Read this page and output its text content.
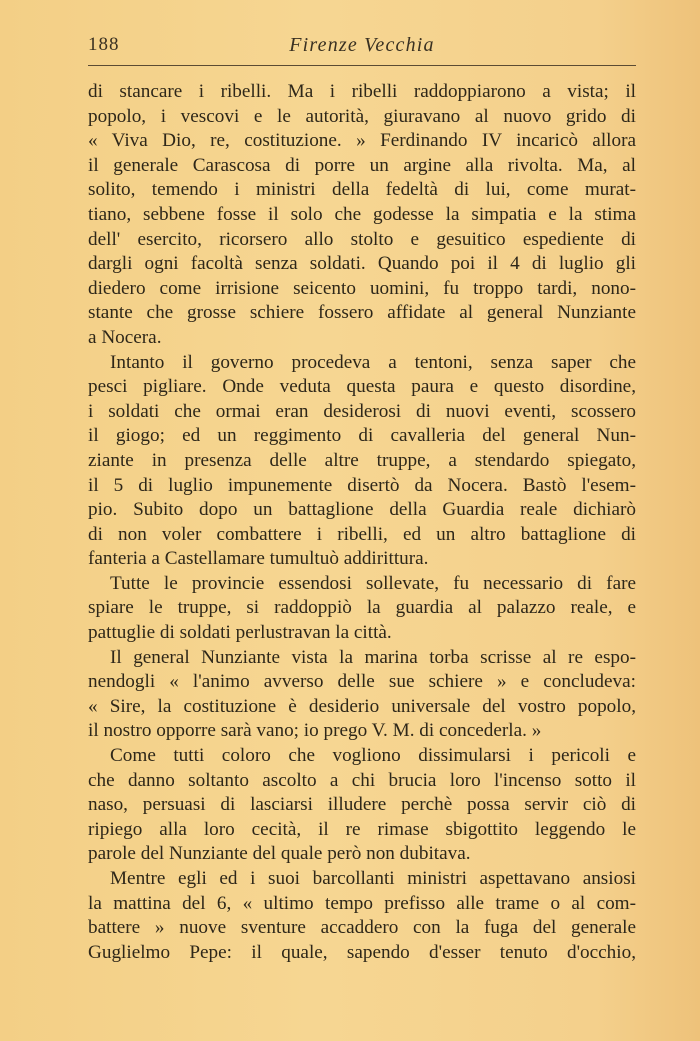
188	Firenze Vecchia
di stancare i ribelli. Ma i ribelli raddoppiarono a vista; il
popolo, i vescovi e le autorità, giuravano al nuovo grido di
« Viva Dio, re, costituzione. » Ferdinando IV incaricò allora
il generale Carascosa di porre un argine alla rivolta. Ma, al
solito, temendo i ministri della fedeltà di lui, come murat-
tiano, sebbene fosse il solo che godesse la simpatia e la stima
dell' esercito, ricorsero allo stolto e gesuitico espediente di
dargli ogni facoltà senza soldati. Quando poi il 4 di luglio gli
diedero come irrisione seicento uomini, fu troppo tardi, nono-
stante che grosse schiere fossero affidate al general Nunziante
a Nocera.
Intanto il governo procedeva a tentoni, senza saper che
pesci pigliare. Onde veduta questa paura e questo disordine,
i soldati che ormai eran desiderosi di nuovi eventi, scossero
il giogo; ed un reggimento di cavalleria del general Nun-
ziante in presenza delle altre truppe, a stendardo spiegato,
il 5 di luglio impunemente disertò da Nocera. Bastò l'esem-
pio. Subito dopo un battaglione della Guardia reale dichiarò
di non voler combattere i ribelli, ed un altro battaglione di
fanteria a Castellamare tumultuò addirittura.
Tutte le provincie essendosi sollevate, fu necessario di fare
spiare le truppe, si raddoppiò la guardia al palazzo reale, e
pattuglie di soldati perlustravan la città.
Il general Nunziante vista la marina torba scrisse al re espo-
nendogli « l'animo avverso delle sue schiere » e concludeva:
« Sire, la costituzione è desiderio universale del vostro popolo,
il nostro opporre sarà vano; io prego V. M. di concederla. »
Come tutti coloro che vogliono dissimularsi i pericoli e
che danno soltanto ascolto a chi brucia loro l'incenso sotto il
naso, persuasi di lasciarsi illudere perchè possa servir ciò di
ripiego alla loro cecità, il re rimase sbigottito leggendo le
parole del Nunziante del quale però non dubitava.
Mentre egli ed i suoi barcollanti ministri aspettavano ansiosi
la mattina del 6, « ultimo tempo prefisso alle trame o al com-
battere » nuove sventure accaddero con la fuga del generale
Guglielmo Pepe: il quale, sapendo d'esser tenuto d'occhio,
